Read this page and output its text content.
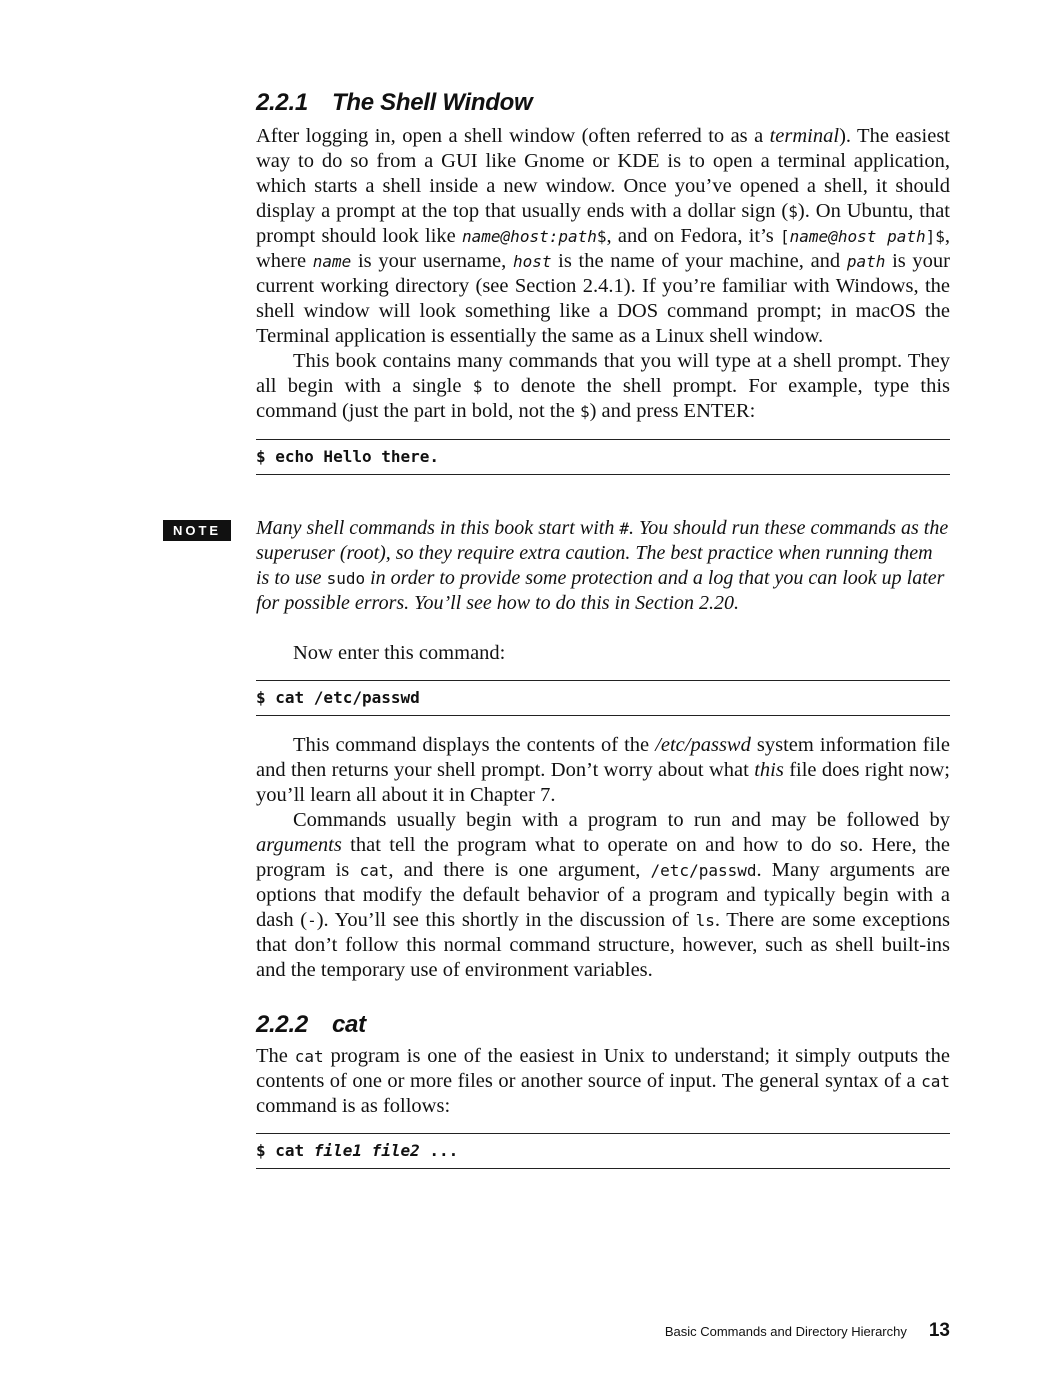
2.2.1 The Shell Window

After logging in, open a shell window (often referred to as a terminal). The easiest way to do so from a GUI like Gnome or KDE is to open a terminal application, which starts a shell inside a new window. Once you’ve opened a shell, it should display a prompt at the top that usually ends with a dollar sign ($). On Ubuntu, that prompt should look like name@host:path$, and on Fedora, it’s [name@host path]$, where name is your username, host is the name of your machine, and path is your current working directory (see Section 2.4.1). If you’re familiar with Windows, the shell window will look something like a DOS command prompt; in macOS the Terminal application is essentially the same as a Linux shell window.

This book contains many commands that you will type at a shell prompt. They all begin with a single $ to denote the shell prompt. For example, type this command (just the part in bold, not the $) and press ENTER:

$ echo Hello there.
NOTE	Many shell commands in this book start with #. You should run these commands as the superuser (root), so they require extra caution. The best practice when running them is to use sudo in order to provide some protection and a log that you can look up later for possible errors. You’ll see how to do this in Section 2.20.

Now enter this command:

$ cat /etc/passwd

This command displays the contents of the /etc/passwd system information file and then returns your shell prompt. Don’t worry about what this file does right now; you’ll learn all about it in Chapter 7.

Commands usually begin with a program to run and may be followed by arguments that tell the program what to operate on and how to do so. Here, the program is cat, and there is one argument, /etc/passwd. Many arguments are options that modify the default behavior of a program and typically begin with a dash (-). You’ll see this shortly in the discussion of ls. There are some exceptions that don’t follow this normal command structure, however, such as shell built-ins and the temporary use of environment variables.

2.2.2 cat

The cat program is one of the easiest in Unix to understand; it simply outputs the contents of one or more files or another source of input. The general syntax of a cat command is as follows:

$ cat file1 file2 ...
Basic Commands and Directory Hierarchy 13
